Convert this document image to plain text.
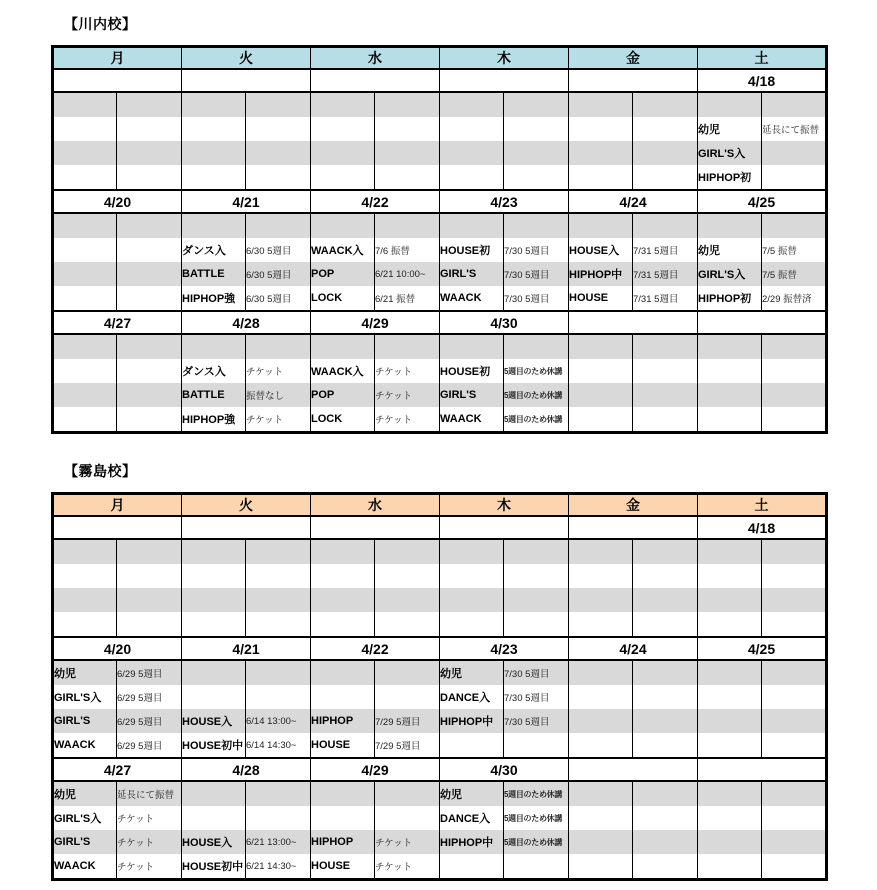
【川内校】
月		火		水		木		金		土	
										4/18	

										幼児	延長にて振替
										GIRL'S入	
										HIPHOP初	
4/20		4/21		4/22		4/23		4/24		4/25	

		ダンス入	6/30 5週目	WAACK入	7/6 振替	HOUSE初	7/30 5週目	HOUSE入	7/31 5週目	幼児	7/5 振替
		BATTLE	6/30 5週目	POP	6/21 10:00~	GIRL'S	7/30 5週目	HIPHOP中	7/31 5週目	GIRL'S入	7/5 振替
		HIPHOP強	6/30 5週目	LOCK	6/21 振替	WAACK	7/30 5週目	HOUSE	7/31 5週目	HIPHOP初	2/29 振替済
4/27		4/28		4/29		4/30					

		ダンス入	チケット	WAACK入	チケット	HOUSE初	5週目のため休講				
		BATTLE	振替なし	POP	チケット	GIRL'S	5週目のため休講				
		HIPHOP強	チケット	LOCK	チケット	WAACK	5週目のため休講				
【霧島校】
月		火		水		木		金		土	
										4/18	

4/20		4/21		4/22		4/23		4/24		4/25	
幼児	6/29 5週目					幼児	7/30 5週目				
GIRL'S入	6/29 5週目					DANCE入	7/30 5週目				
GIRL'S	6/29 5週目	HOUSE入	6/14 13:00~	HIPHOP	7/29 5週目	HIPHOP中	7/30 5週目				
WAACK	6/29 5週目	HOUSE初中	6/14 14:30~	HOUSE	7/29 5週目						
4/27		4/28		4/29		4/30					
幼児	延長にて振替					幼児	5週目のため休講				
GIRL'S入	チケット					DANCE入	5週目のため休講				
GIRL'S	チケット	HOUSE入	6/21 13:00~	HIPHOP	チケット	HIPHOP中	5週目のため休講				
WAACK	チケット	HOUSE初中	6/21 14:30~	HOUSE	チケット						
